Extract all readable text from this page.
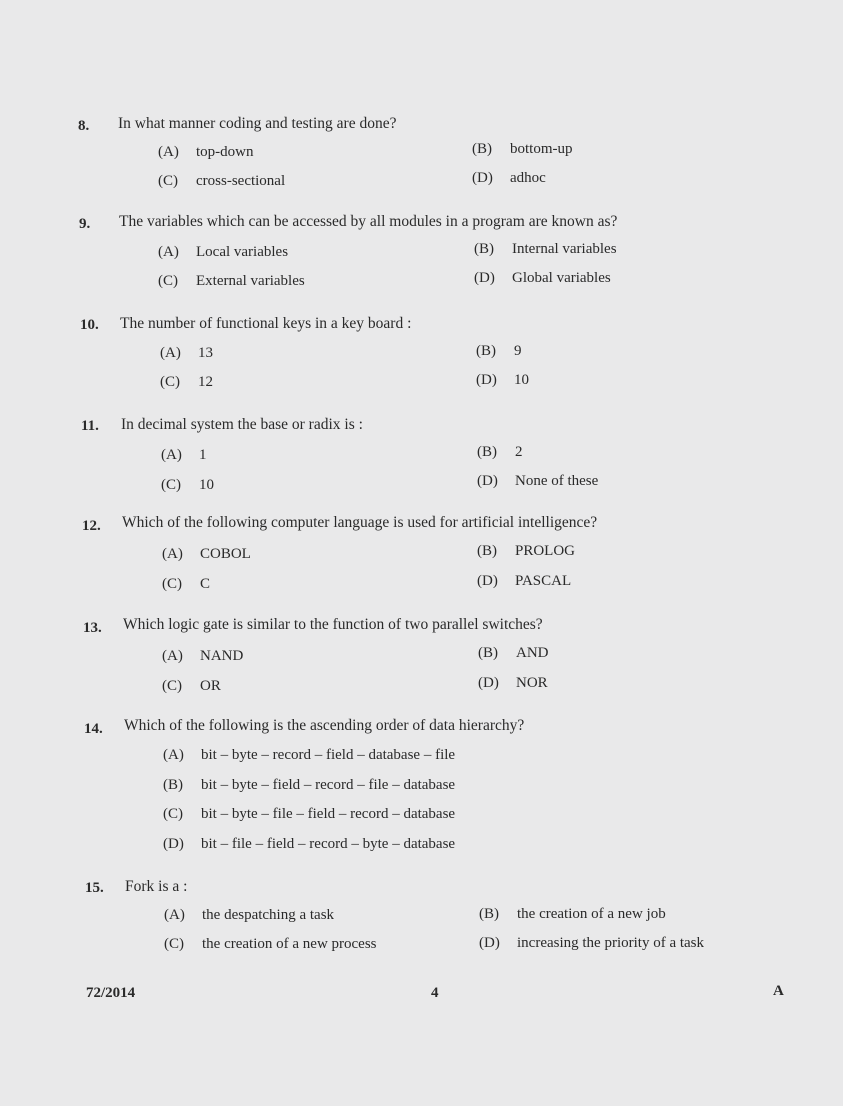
8. In what manner coding and testing are done?
(A) top-down	(B) bottom-up
(C) cross-sectional	(D) adhoc
9. The variables which can be accessed by all modules in a program are known as?
(A) Local variables	(B) Internal variables
(C) External variables	(D) Global variables
10. The number of functional keys in a key board :
(A) 13	(B) 9
(C) 12	(D) 10
11. In decimal system the base or radix is :
(A) 1	(B) 2
(C) 10	(D) None of these
12. Which of the following computer language is used for artificial intelligence?
(A) COBOL	(B) PROLOG
(C) C	(D) PASCAL
13. Which logic gate is similar to the function of two parallel switches?
(A) NAND	(B) AND
(C) OR	(D) NOR
14. Which of the following is the ascending order of data hierarchy?
(A) bit – byte – record – field – database – file
(B) bit – byte – field – record – file – database
(C) bit – byte – file – field – record – database
(D) bit – file – field – record – byte – database
15. Fork is a :
(A) the despatching a task	(B) the creation of a new job
(C) the creation of a new process	(D) increasing the priority of a task
72/2014	4	A
